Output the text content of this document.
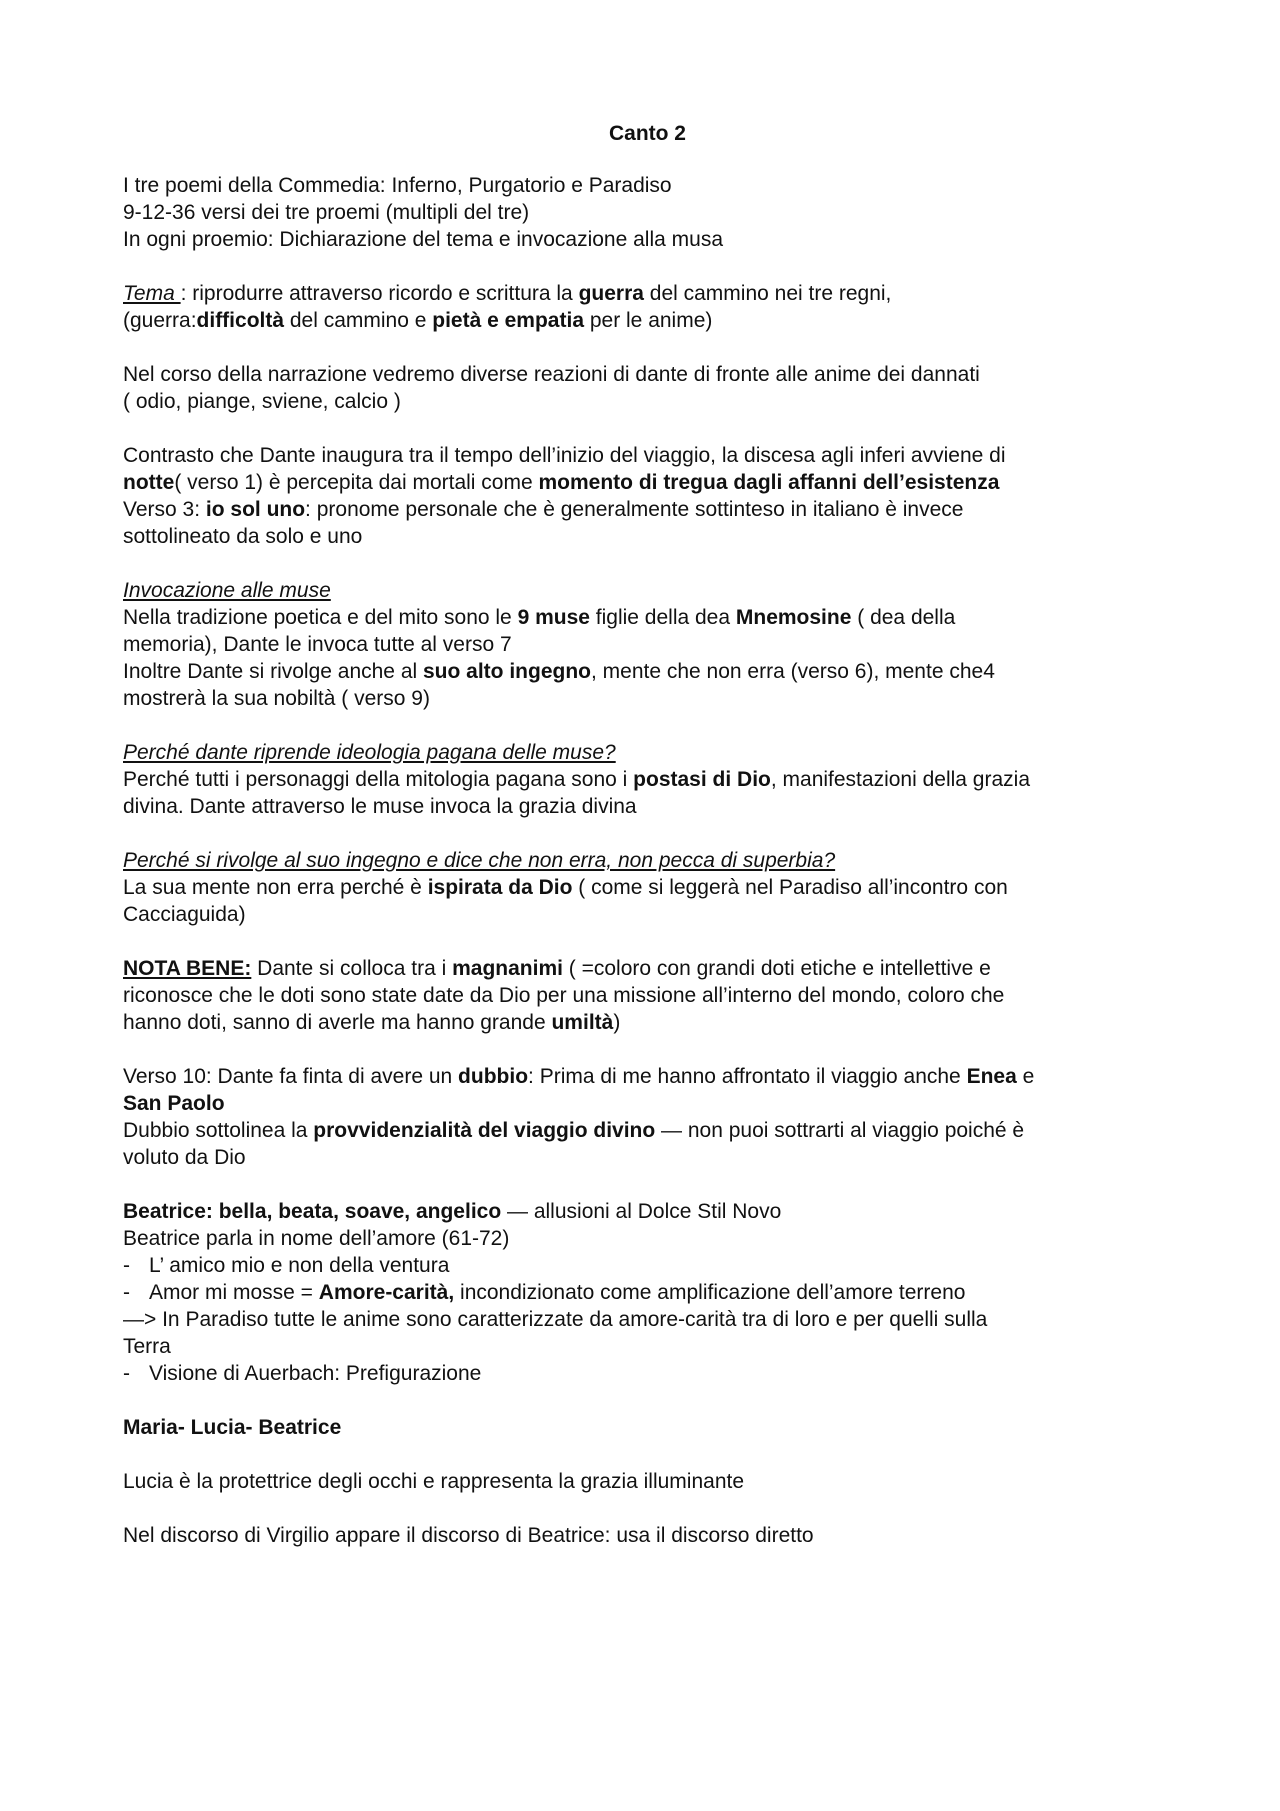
Canto 2

I tre poemi della Commedia: Inferno, Purgatorio e Paradiso
9-12-36 versi dei tre proemi (multipli del tre)
In ogni proemio: Dichiarazione del tema e invocazione alla musa

Tema : riprodurre attraverso ricordo e scrittura la guerra del cammino nei tre regni,
(guerra:difficoltà del cammino e pietà e empatia per le anime)

Nel corso della narrazione vedremo diverse reazioni di dante di fronte alle anime dei dannati
( odio, piange, sviene, calcio )

Contrasto che Dante inaugura tra il tempo dell’inizio del viaggio, la discesa agli inferi avviene di
notte( verso 1) è percepita dai mortali come momento di tregua dagli affanni dell’esistenza
Verso 3: io sol uno: pronome personale che è generalmente sottinteso in italiano è invece
sottolineato da solo e uno

Invocazione alle muse
Nella tradizione poetica e del mito sono le 9 muse figlie della dea Mnemosine ( dea della
memoria), Dante le invoca tutte al verso 7
Inoltre Dante si rivolge anche al suo alto ingegno, mente che non erra (verso 6), mente che4
mostrerà la sua nobiltà ( verso 9)

Perché dante riprende ideologia pagana delle muse?
Perché tutti i personaggi della mitologia pagana sono i postasi di Dio, manifestazioni della grazia
divina. Dante attraverso le muse invoca la grazia divina

Perché si rivolge al suo ingegno e dice che non erra, non pecca di superbia?
La sua mente non erra perché è ispirata da Dio ( come si leggerà nel Paradiso all’incontro con
Cacciaguida)

NOTA BENE: Dante si colloca tra i magnanimi ( =coloro con grandi doti etiche e intellettive e
riconosce che le doti sono state date da Dio per una missione all’interno del mondo, coloro che
hanno doti, sanno di averle ma hanno grande umiltà)

Verso 10: Dante fa finta di avere un dubbio: Prima di me hanno affrontato il viaggio anche Enea e
San Paolo
Dubbio sottolinea la provvidenzialità del viaggio divino — non puoi sottrarti al viaggio poiché è
voluto da Dio

Beatrice: bella, beata, soave, angelico — allusioni al Dolce Stil Novo
Beatrice parla in nome dell’amore (61-72)
- L’ amico mio e non della ventura
- Amor mi mosse = Amore-carità, incondizionato come amplificazione dell’amore terreno
—> In Paradiso tutte le anime sono caratterizzate da amore-carità tra di loro e per quelli sulla
Terra
- Visione di Auerbach: Prefigurazione

Maria- Lucia- Beatrice

Lucia è la protettrice degli occhi e rappresenta la grazia illuminante

Nel discorso di Virgilio appare il discorso di Beatrice: usa il discorso diretto
